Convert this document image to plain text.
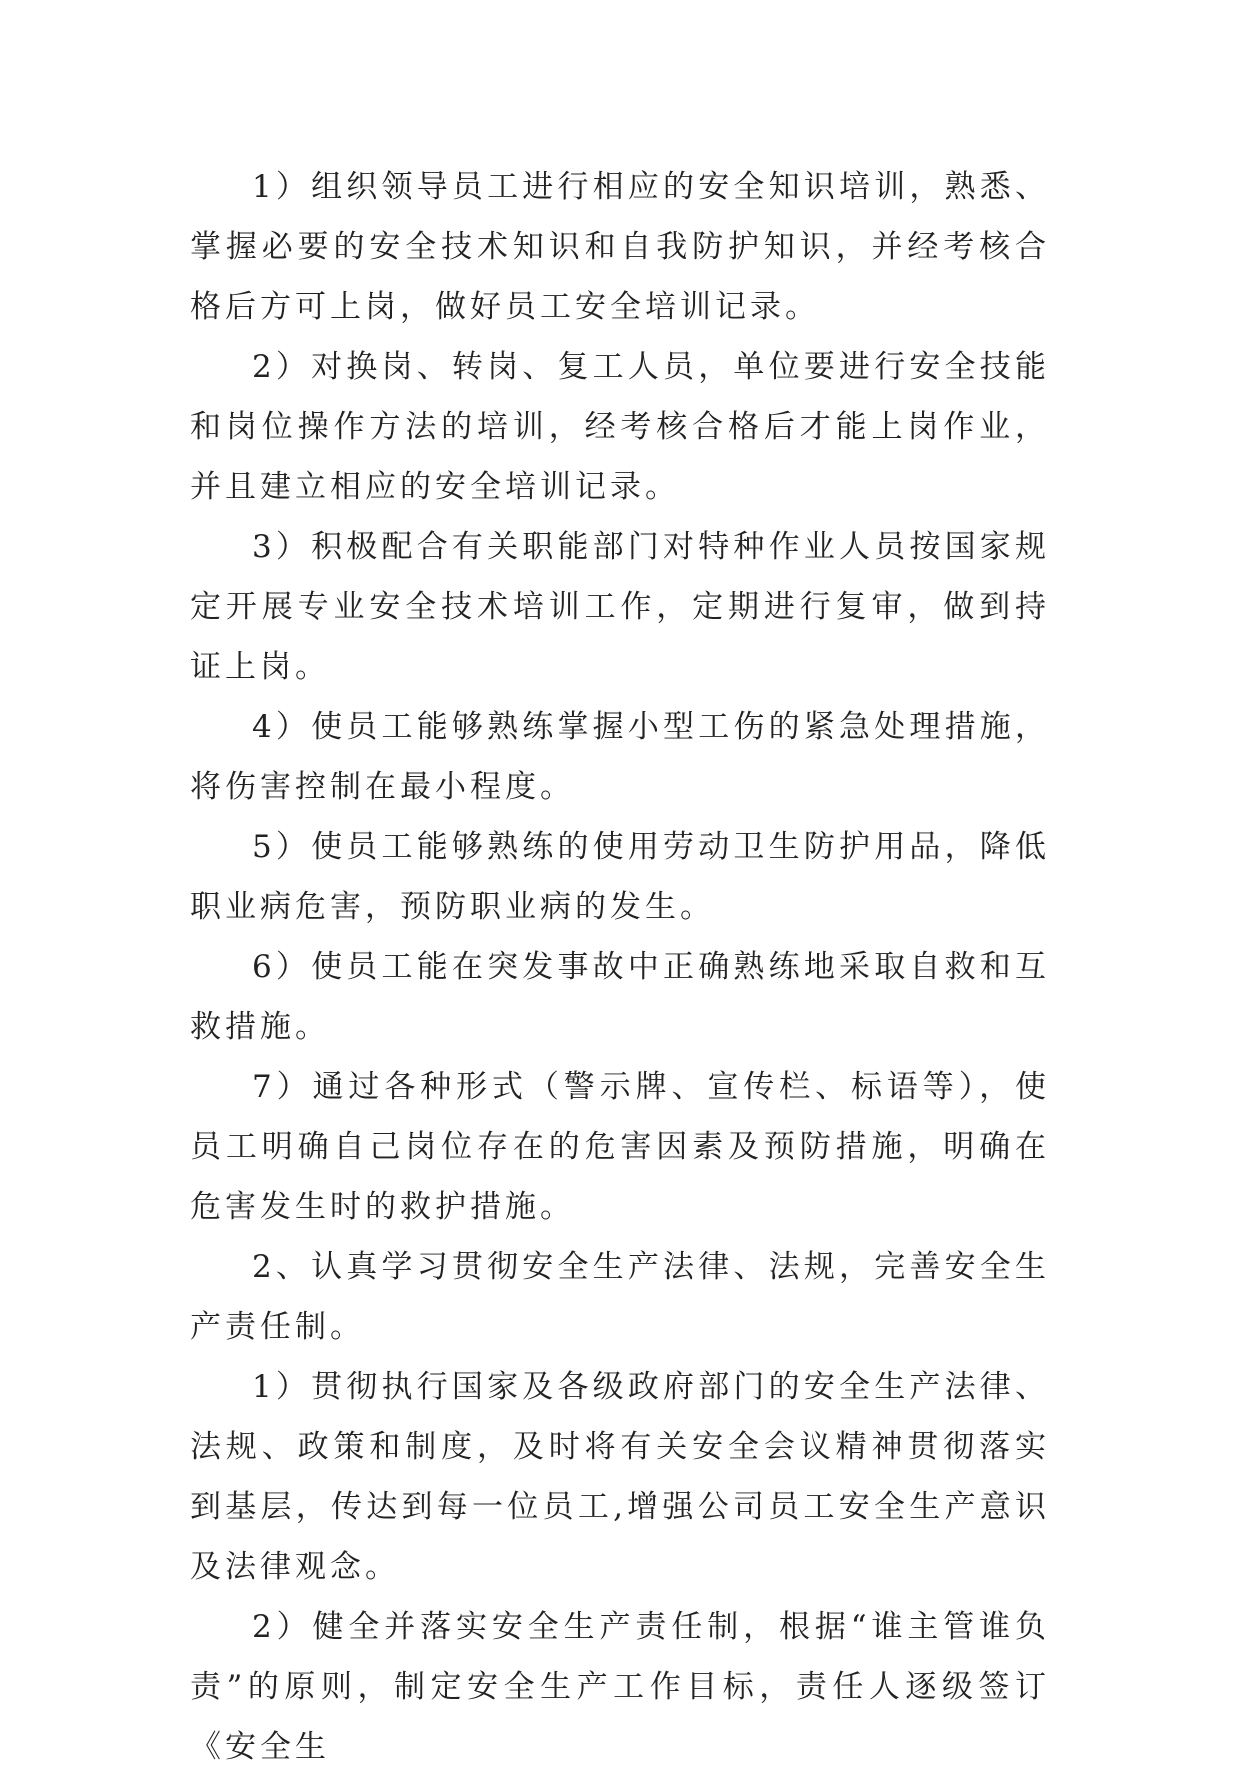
1）组织领导员工进行相应的安全知识培训，熟悉、掌握必要的安全技术知识和自我防护知识，并经考核合格后方可上岗，做好员工安全培训记录。

2）对换岗、转岗、复工人员，单位要进行安全技能和岗位操作方法的培训，经考核合格后才能上岗作业，并且建立相应的安全培训记录。

3）积极配合有关职能部门对特种作业人员按国家规定开展专业安全技术培训工作，定期进行复审，做到持证上岗。

4）使员工能够熟练掌握小型工伤的紧急处理措施，将伤害控制在最小程度。

5）使员工能够熟练的使用劳动卫生防护用品，降低职业病危害，预防职业病的发生。

6）使员工能在突发事故中正确熟练地采取自救和互救措施。

7）通过各种形式（警示牌、宣传栏、标语等），使员工明确自己岗位存在的危害因素及预防措施，明确在危害发生时的救护措施。

2、认真学习贯彻安全生产法律、法规，完善安全生产责任制。

1）贯彻执行国家及各级政府部门的安全生产法律、法规、政策和制度，及时将有关安全会议精神贯彻落实到基层，传达到每一位员工,增强公司员工安全生产意识及法律观念。

2）健全并落实安全生产责任制，根据“谁主管谁负责”的原则，制定安全生产工作目标，责任人逐级签订《安全生
